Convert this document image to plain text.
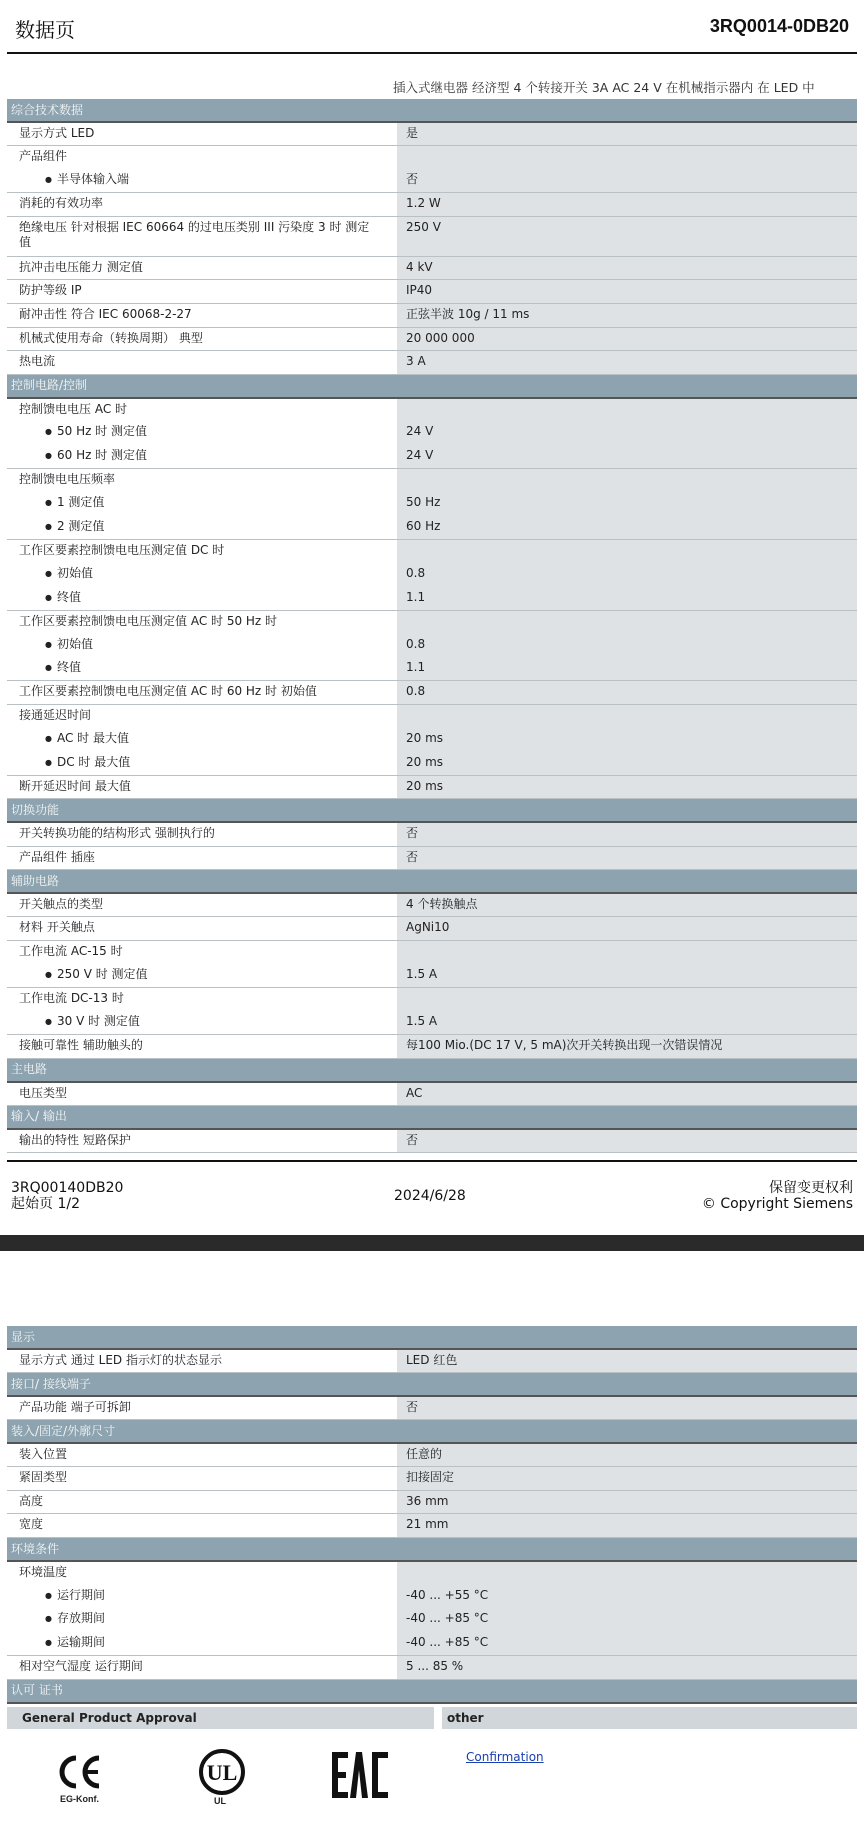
数据页	3RQ0014-0DB20
插入式继电器 经济型 4 个转接开关 3A AC 24 V 在机械指示器内 在 LED 中
综合技术数据		
显示方式 LED		是
产品组件		
● 半导体输入端		否
消耗的有效功率		1.2 W
绝缘电压 针对根据 IEC 60664 的过电压类别 III 污染度 3 时 测定值		250 V
抗冲击电压能力 测定值		4 kV
防护等级 IP		IP40
耐冲击性 符合 IEC 60068-2-27		正弦半波 10g / 11 ms
机械式使用寿命（转换周期） 典型		20 000 000
热电流		3 A
控制电路/控制		
控制馈电电压 AC 时		
● 50 Hz 时 测定值		24 V
● 60 Hz 时 测定值		24 V
控制馈电电压频率		
● 1 测定值		50 Hz
● 2 测定值		60 Hz
工作区要素控制馈电电压测定值 DC 时		
● 初始值		0.8
● 终值		1.1
工作区要素控制馈电电压测定值 AC 时 50 Hz 时		
● 初始值		0.8
● 终值		1.1
工作区要素控制馈电电压测定值 AC 时 60 Hz 时 初始值		0.8
接通延迟时间		
● AC 时 最大值		20 ms
● DC 时 最大值		20 ms
断开延迟时间 最大值		20 ms
切换功能		
开关转换功能的结构形式 强制执行的		否
产品组件 插座		否
辅助电路		
开关触点的类型		4 个转换触点
材料 开关触点		AgNi10
工作电流 AC-15 时		
● 250 V 时 测定值		1.5 A
工作电流 DC-13 时		
● 30 V 时 测定值		1.5 A
接触可靠性 辅助触头的		每100 Mio.(DC 17 V, 5 mA)次开关转换出现一次错误情况
主电路		
电压类型		AC
输入/ 输出		
输出的特性 短路保护		否
3RQ00140DB20
起始页 1/2	2024/6/28	保留变更权利
© Copyright Siemens
显示		
显示方式 通过 LED 指示灯的状态显示		LED 红色
接口/ 接线端子		
产品功能 端子可拆卸		否
装入/固定/外廓尺寸		
装入位置		任意的
紧固类型		扣接固定
高度		36 mm
宽度		21 mm
环境条件		
环境温度		
● 运行期间		-40 ... +55 °C
● 存放期间		-40 ... +85 °C
● 运输期间		-40 ... +85 °C
相对空气湿度 运行期间		5 ... 85 %
认可 证书		
General Product Approval	other
EG-Konf.
UL
UL
Confirmation
